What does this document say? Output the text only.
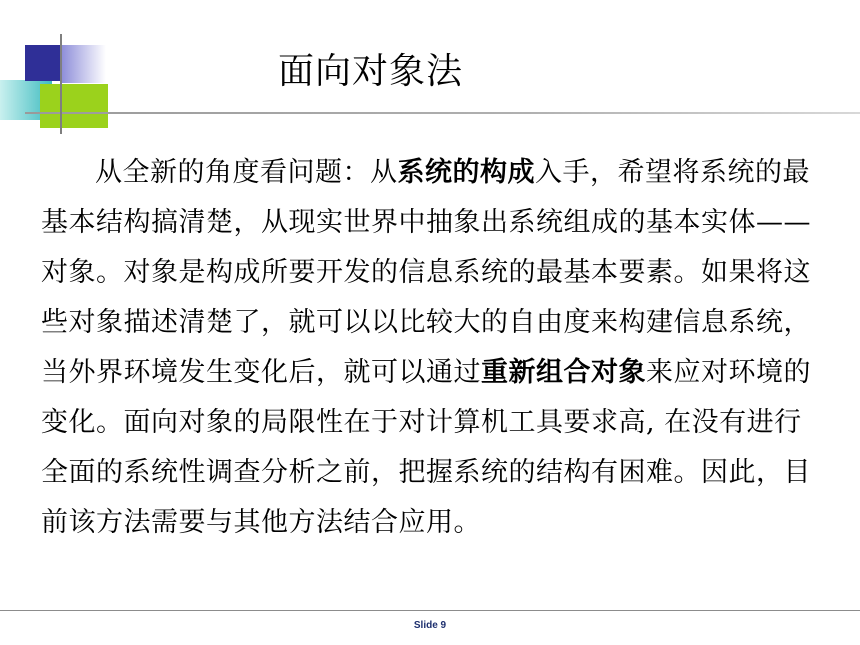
面向对象法

从全新的角度看问题：从系统的构成入手，希望将系统的最基本结构搞清楚，从现实世界中抽象出系统组成的基本实体——对象。对象是构成所要开发的信息系统的最基本要素。如果将这些对象描述清楚了，就可以以比较大的自由度来构建信息系统，当外界环境发生变化后，就可以通过重新组合对象来应对环境的变化。面向对象的局限性在于对计算机工具要求高, 在没有进行全面的系统性调查分析之前，把握系统的结构有困难。因此，目前该方法需要与其他方法结合应用。

Slide 9
